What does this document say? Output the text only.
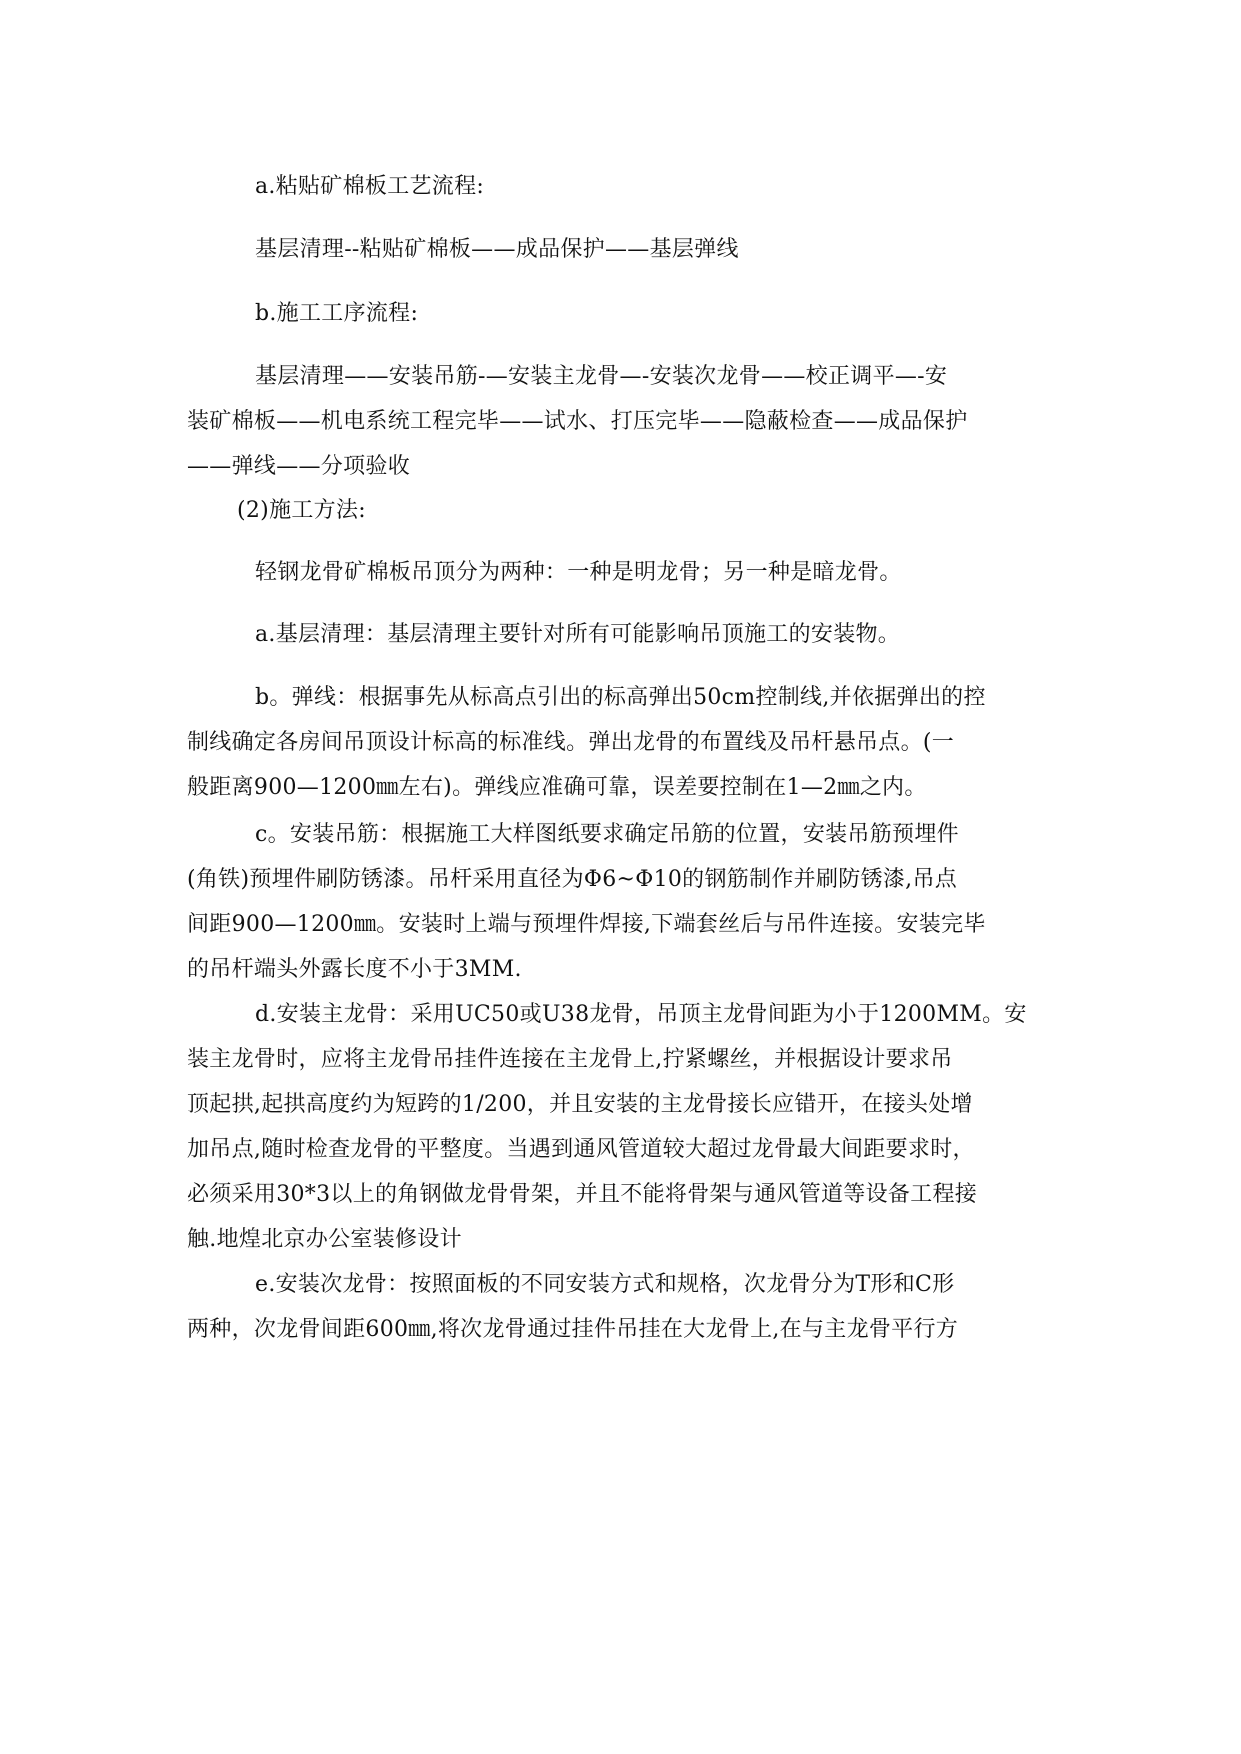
a.粘贴矿棉板工艺流程:

基层清理--粘贴矿棉板——成品保护——基层弹线

b.施工工序流程:

基层清理——安装吊筋-—安装主龙骨—-安装次龙骨——校正调平—-安
装矿棉板——机电系统工程完毕——试水、打压完毕——隐蔽检查——成品保护
——弹线——分项验收

(2)施工方法:

轻钢龙骨矿棉板吊顶分为两种：一种是明龙骨；另一种是暗龙骨。

a.基层清理：基层清理主要针对所有可能影响吊顶施工的安装物。

b。弹线：根据事先从标高点引出的标高弹出50cm控制线,并依据弹出的控
制线确定各房间吊顶设计标高的标准线。弹出龙骨的布置线及吊杆悬吊点。(一
般距离900—1200㎜左右)。弹线应准确可靠，误差要控制在1—2㎜之内。

c。安装吊筋：根据施工大样图纸要求确定吊筋的位置，安装吊筋预埋件
(角铁)预埋件刷防锈漆。吊杆采用直径为Φ6~Φ10的钢筋制作并刷防锈漆,吊点
间距900—1200㎜。安装时上端与预埋件焊接,下端套丝后与吊件连接。安装完毕
的吊杆端头外露长度不小于3MM.

d.安装主龙骨：采用UC50或U38龙骨，吊顶主龙骨间距为小于1200MM。安
装主龙骨时，应将主龙骨吊挂件连接在主龙骨上,拧紧螺丝，并根据设计要求吊
顶起拱,起拱高度约为短跨的1/200，并且安装的主龙骨接长应错开，在接头处增
加吊点,随时检查龙骨的平整度。当遇到通风管道较大超过龙骨最大间距要求时，
必须采用30*3以上的角钢做龙骨骨架，并且不能将骨架与通风管道等设备工程接
触.地煌北京办公室装修设计

e.安装次龙骨：按照面板的不同安装方式和规格，次龙骨分为T形和C形
两种，次龙骨间距600㎜,将次龙骨通过挂件吊挂在大龙骨上,在与主龙骨平行方
